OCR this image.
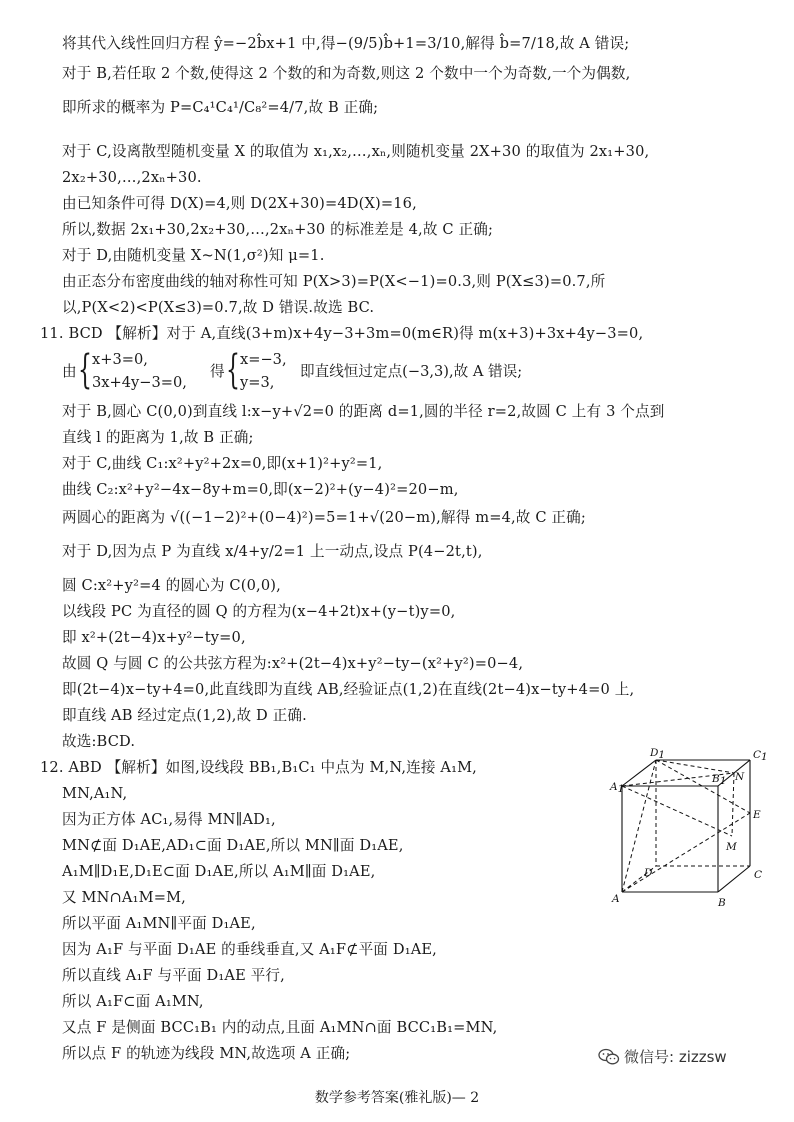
将其代入线性回归方程 ŷ=−2b̂x+1 中,得−(9/5)b̂+1=3/10,解得 b̂=7/18,故 A 错误;
对于 B,若任取 2 个数,使得这 2 个数的和为奇数,则这 2 个数中一个为奇数,一个为偶数,
即所求的概率为 P=C₄¹C₄¹/C₈²=4/7,故 B 正确;
对于 C,设离散型随机变量 X 的取值为 x₁,x₂,…,xₙ,则随机变量 2X+30 的取值为 2x₁+30,
2x₂+30,…,2xₙ+30.
由已知条件可得 D(X)=4,则 D(2X+30)=4D(X)=16,
所以,数据 2x₁+30,2x₂+30,…,2xₙ+30 的标准差是 4,故 C 正确;
对于 D,由随机变量 X~N(1,σ²)知 μ=1.
由正态分布密度曲线的轴对称性可知 P(X>3)=P(X<−1)=0.3,则 P(X≤3)=0.7,所
以,P(X<2)<P(X≤3)=0.7,故 D 错误.故选 BC.
11. BCD 【解析】对于 A,直线(3+m)x+4y−3+3m=0(m∈R)得 m(x+3)+3x+4y−3=0,
对于 B,圆心 C(0,0)到直线 l:x−y+√2=0 的距离 d=1,圆的半径 r=2,故圆 C 上有 3 个点到
直线 l 的距离为 1,故 B 正确;
对于 C,曲线 C₁:x²+y²+2x=0,即(x+1)²+y²=1,
曲线 C₂:x²+y²−4x−8y+m=0,即(x−2)²+(y−4)²=20−m,
两圆心的距离为 √((−1−2)²+(0−4)²)=5=1+√(20−m),解得 m=4,故 C 正确;
对于 D,因为点 P 为直线 x/4+y/2=1 上一动点,设点 P(4−2t,t),
圆 C:x²+y²=4 的圆心为 C(0,0),
以线段 PC 为直径的圆 Q 的方程为(x−4+2t)x+(y−t)y=0,
即 x²+(2t−4)x+y²−ty=0,
故圆 Q 与圆 C 的公共弦方程为:x²+(2t−4)x+y²−ty−(x²+y²)=0−4,
即(2t−4)x−ty+4=0,此直线即为直线 AB,经验证点(1,2)在直线(2t−4)x−ty+4=0 上,
即直线 AB 经过定点(1,2),故 D 正确.
故选:BCD.
12. ABD 【解析】如图,设线段 BB₁,B₁C₁ 中点为 M,N,连接 A₁M,
MN,A₁N,
因为正方体 AC₁,易得 MN∥AD₁,
MN⊄面 D₁AE,AD₁⊂面 D₁AE,所以 MN∥面 D₁AE,
A₁M∥D₁E,D₁E⊂面 D₁AE,所以 A₁M∥面 D₁AE,
又 MN∩A₁M=M,
所以平面 A₁MN∥平面 D₁AE,
因为 A₁F 与平面 D₁AE 的垂线垂直,又 A₁F⊄平面 D₁AE,
所以直线 A₁F 与平面 D₁AE 平行,
所以 A₁F⊂面 A₁MN,
又点 F 是侧面 BCC₁B₁ 内的动点,且面 A₁MN∩面 BCC₁B₁=MN,
所以点 F 的轨迹为线段 MN,故选项 A 正确;
由 { x+3=0,
3x+4y−3=0,
得 { x=−3,
y=3,
即直线恒过定点(−3,3),故 A 错误;
D1	C1
A1
B1 N
E
M
D	C
A	B
微信号: zizzsw
数学参考答案(雅礼版)— 2
